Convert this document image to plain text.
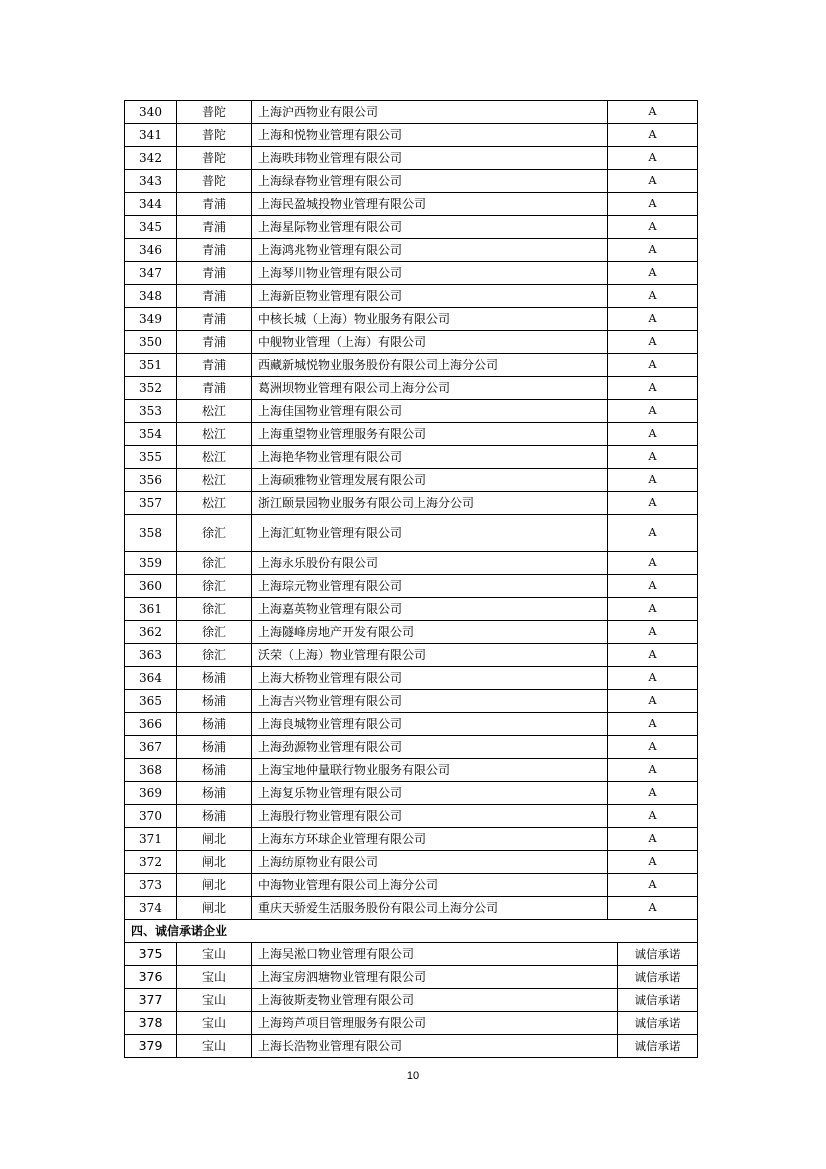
340	普陀	上海沪西物业有限公司	A
341	普陀	上海和悦物业管理有限公司	A
342	普陀	上海昳玮物业管理有限公司	A
343	普陀	上海绿春物业管理有限公司	A
344	青浦	上海民盈城投物业管理有限公司	A
345	青浦	上海星际物业管理有限公司	A
346	青浦	上海鸿兆物业管理有限公司	A
347	青浦	上海琴川物业管理有限公司	A
348	青浦	上海新臣物业管理有限公司	A
349	青浦	中核长城（上海）物业服务有限公司	A
350	青浦	中舰物业管理（上海）有限公司	A
351	青浦	西藏新城悦物业服务股份有限公司上海分公司	A
352	青浦	葛洲坝物业管理有限公司上海分公司	A
353	松江	上海佳国物业管理有限公司	A
354	松江	上海重望物业管理服务有限公司	A
355	松江	上海艳华物业管理有限公司	A
356	松江	上海硕雅物业管理发展有限公司	A
357	松江	浙江颐景园物业服务有限公司上海分公司	A
358	徐汇	上海汇虹物业管理有限公司	A
359	徐汇	上海永乐股份有限公司	A
360	徐汇	上海琮元物业管理有限公司	A
361	徐汇	上海嘉英物业管理有限公司	A
362	徐汇	上海隧峰房地产开发有限公司	A
363	徐汇	沃荣（上海）物业管理有限公司	A
364	杨浦	上海大桥物业管理有限公司	A
365	杨浦	上海吉兴物业管理有限公司	A
366	杨浦	上海良城物业管理有限公司	A
367	杨浦	上海劲源物业管理有限公司	A
368	杨浦	上海宝地仲量联行物业服务有限公司	A
369	杨浦	上海复乐物业管理有限公司	A
370	杨浦	上海殷行物业管理有限公司	A
371	闸北	上海东方环球企业管理有限公司	A
372	闸北	上海纺原物业有限公司	A
373	闸北	中海物业管理有限公司上海分公司	A
374	闸北	重庆天骄爱生活服务股份有限公司上海分公司	A
四、诚信承诺企业			
375	宝山	上海吴淞口物业管理有限公司	诚信承诺
376	宝山	上海宝房泗塘物业管理有限公司	诚信承诺
377	宝山	上海彼斯麦物业管理有限公司	诚信承诺
378	宝山	上海筠芦项目管理服务有限公司	诚信承诺
379	宝山	上海长浩物业管理有限公司	诚信承诺
10
